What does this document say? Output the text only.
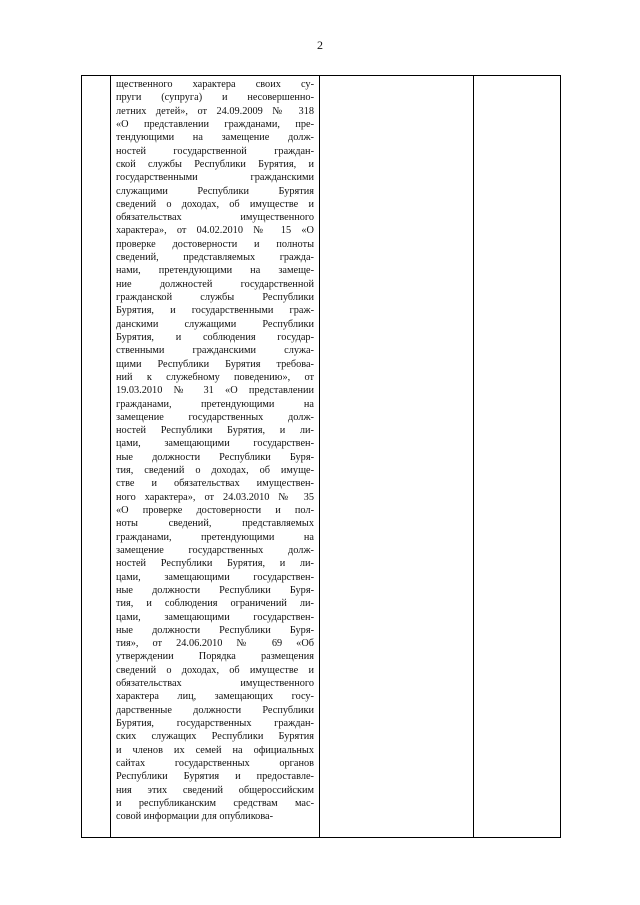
2

щественного характера своих су-
пруги (супруга) и несовершенно-
летних детей», от 24.09.2009 № 318
«О представлении гражданами, пре-
тендующими на замещение долж-
ностей государственной граждан-
ской службы Республики Бурятия, и
государственными гражданскими
служащими Республики Бурятия
сведений о доходах, об имуществе и
обязательствах имущественного
характера», от 04.02.2010 № 15 «О
проверке достоверности и полноты
сведений, представляемых гражда-
нами, претендующими на замеще-
ние должностей государственной
гражданской службы Республики
Бурятия, и государственными граж-
данскими служащими Республики
Бурятия, и соблюдения государ-
ственными гражданскими служа-
щими Республики Бурятия требова-
ний к служебному поведению», от
19.03.2010 № 31 «О представлении
гражданами, претендующими на
замещение государственных долж-
ностей Республики Бурятия, и ли-
цами, замещающими государствен-
ные должности Республики Буря-
тия, сведений о доходах, об имуще-
стве и обязательствах имуществен-
ного характера», от 24.03.2010 № 35
«О проверке достоверности и пол-
ноты сведений, представляемых
гражданами, претендующими на
замещение государственных долж-
ностей Республики Бурятия, и ли-
цами, замещающими государствен-
ные должности Республики Буря-
тия, и соблюдения ограничений ли-
цами, замещающими государствен-
ные должности Республики Буря-
тия», от 24.06.2010 № 69 «Об
утверждении Порядка размещения
сведений о доходах, об имуществе и
обязательствах имущественного
характера лиц, замещающих госу-
дарственные должности Республики
Бурятия, государственных граждан-
ских служащих Республики Бурятия
и членов их семей на официальных
сайтах государственных органов
Республики Бурятия и предоставле-
ния этих сведений общероссийским
и республиканским средствам мас-
совой информации для опубликова-
